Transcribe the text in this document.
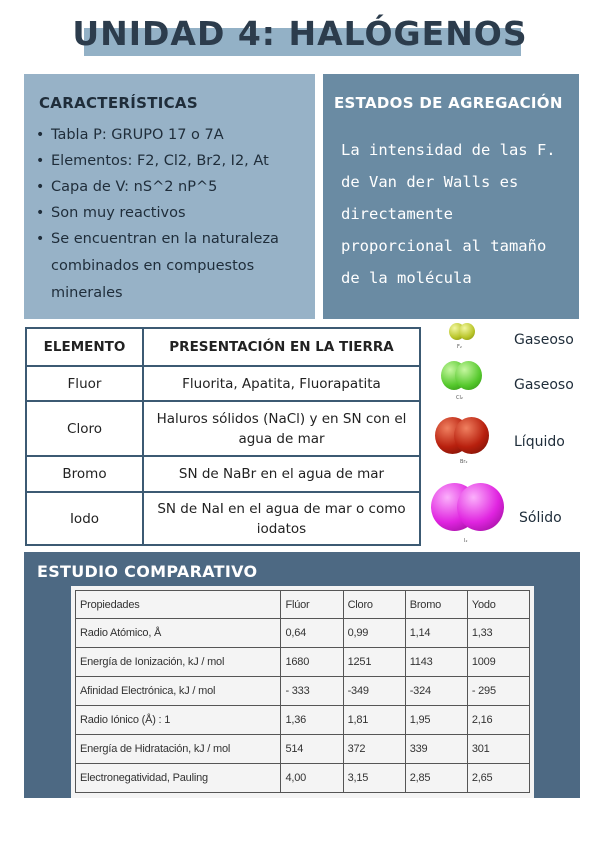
UNIDAD 4: HALÓGENOS
CARACTERÍSTICAS
• Tabla P: GRUPO 17 o 7A
• Elementos: F2, Cl2, Br2, I2, At
• Capa de V: nS^2 nP^5
• Son muy reactivos
• Se encuentran en la naturaleza combinados en compuestos minerales
ESTADOS DE AGREGACIÓN

La intensidad de las F. de Van der Walls es directamente proporcional al tamaño de la molécula

ELEMENTO	PRESENTACIÓN EN LA TIERRA
Fluor	Fluorita, Apatita, Fluorapatita
Cloro	Haluros sólidos (NaCl) y en SN con el agua de mar
Bromo	SN de NaBr en el agua de mar
Iodo	SN de NaI en el agua de mar o como iodatos
F₂
Cl₂
Br₂
I₂
Gaseoso
Gaseoso
Líquido
Sólido
ESTUDIO COMPARATIVO
Propiedades	Flúor	Cloro	Bromo	Yodo
Radio Atómico, Å	0,64	0,99	1,14	1,33
Energía de Ionización, kJ / mol	1680	1251	1143	1009
Afinidad Electrónica, kJ / mol	- 333	-349	-324	- 295
Radio Iónico (Å) : 1	1,36	1,81	1,95	2,16
Energía de Hidratación, kJ / mol	514	372	339	301
Electronegatividad, Pauling	4,00	3,15	2,85	2,65
